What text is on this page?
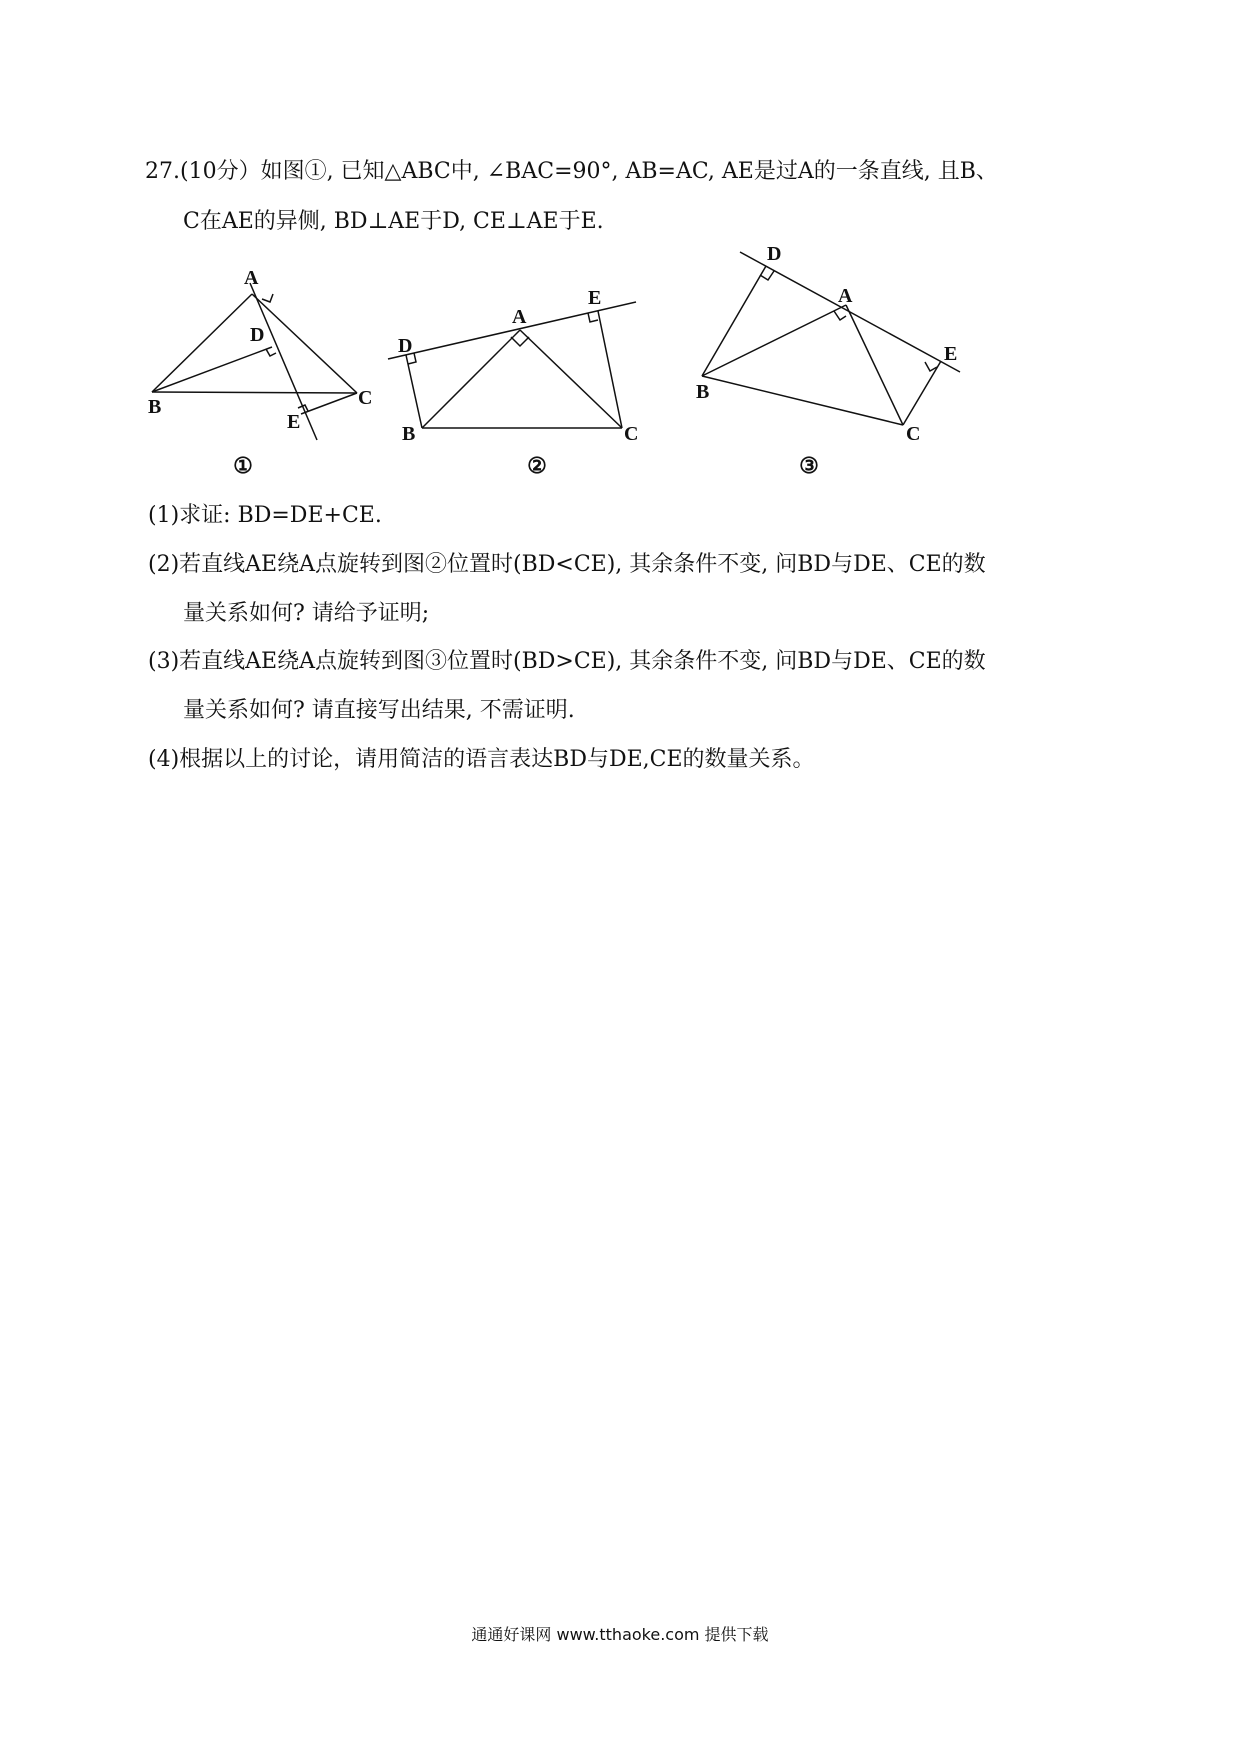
27.(10分）如图①, 已知△ABC中, ∠BAC=90°, AB=AC, AE是过A的一条直线, 且B、
C在AE的异侧, BD⊥AE于D, CE⊥AE于E.
A
D
B	C
E
①
A
E
D
B	C
②
D
A
E
B
C
③
(1)求证: BD=DE+CE.
(2)若直线AE绕A点旋转到图②位置时(BD<CE), 其余条件不变, 问BD与DE、CE的数
量关系如何? 请给予证明;
(3)若直线AE绕A点旋转到图③位置时(BD>CE), 其余条件不变, 问BD与DE、CE的数
量关系如何? 请直接写出结果, 不需证明.
(4)根据以上的讨论，请用简洁的语言表达BD与DE,CE的数量关系。
通通好课网 www.tthaoke.com 提供下载
